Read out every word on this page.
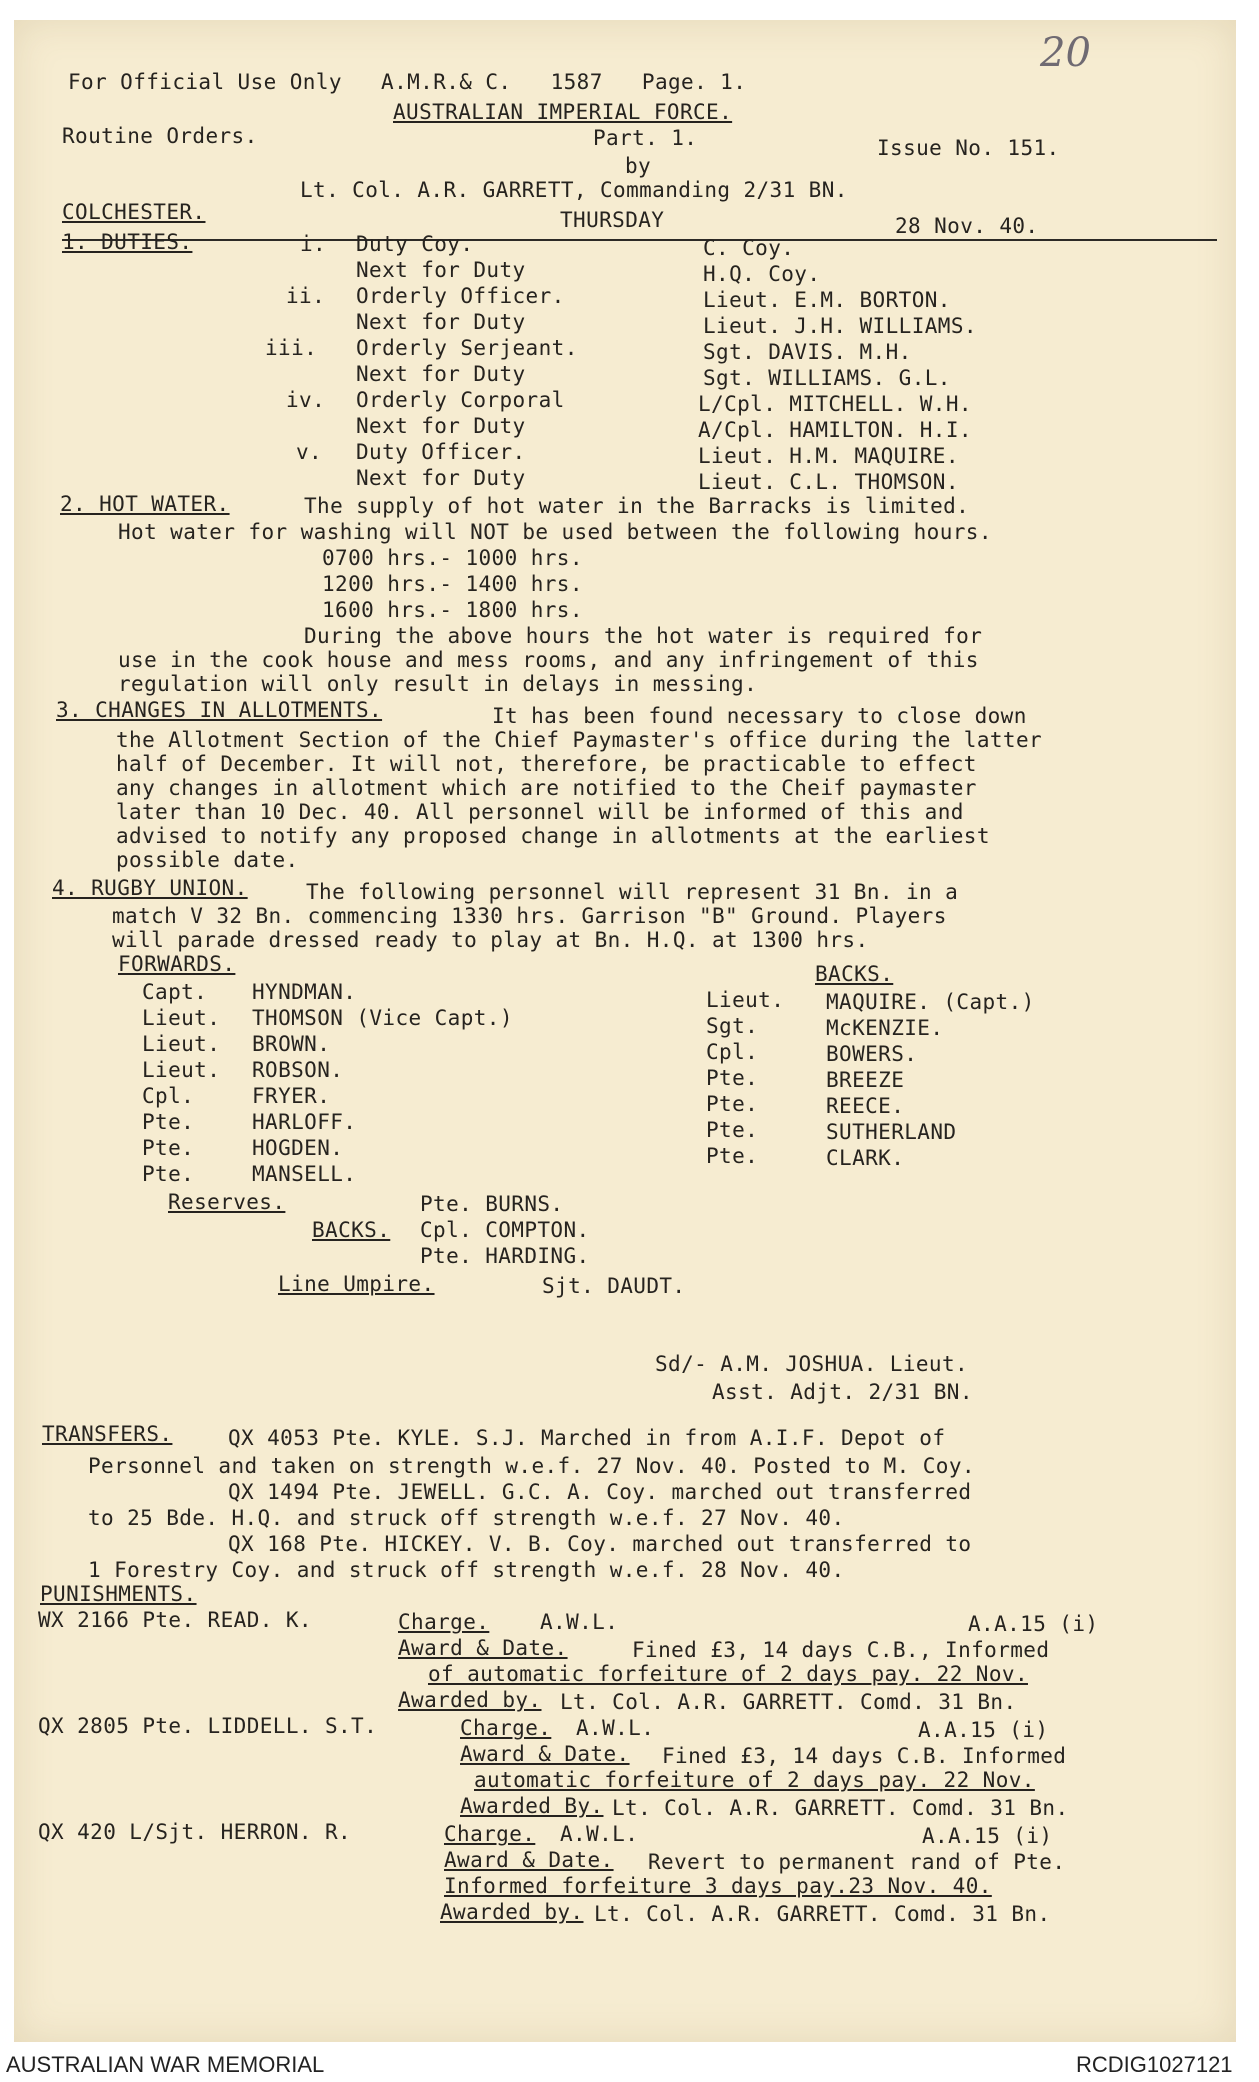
20
For Official Use Only   A.M.R.& C.   1587   Page. 1.
AUSTRALIAN IMPERIAL FORCE.
Routine Orders.	Part. 1.	Issue No. 151.
by
Lt. Col. A.R. GARRETT, Commanding 2/31 BN.
COLCHESTER.	THURSDAY	28 Nov. 40.
1. DUTIES.	i. Duty Coy.	C. Coy.
Next for Duty	H.Q. Coy.
ii. Orderly Officer.	Lieut. E.M. BORTON.
Next for Duty	Lieut. J.H. WILLIAMS.
iii. Orderly Serjeant.	Sgt. DAVIS. M.H.
Next for Duty	Sgt. WILLIAMS. G.L.
iv. Orderly Corporal	L/Cpl. MITCHELL. W.H.
Next for Duty	A/Cpl. HAMILTON. H.I.
v. Duty Officer.	Lieut. H.M. MAQUIRE.
Next for Duty	Lieut. C.L. THOMSON.
2. HOT WATER.	The supply of hot water in the Barracks is limited.
Hot water for washing will NOT be used between the following hours.
0700 hrs.- 1000 hrs.
1200 hrs.- 1400 hrs.
1600 hrs.- 1800 hrs.
During the above hours the hot water is required for
use in the cook house and mess rooms, and any infringement of this
regulation will only result in delays in messing.
3. CHANGES IN ALLOTMENTS.	It has been found necessary to close down
the Allotment Section of the Chief Paymaster's office during the latter
half of December. It will not, therefore, be practicable to effect
any changes in allotment which are notified to the Cheif paymaster
later than 10 Dec. 40. All personnel will be informed of this and
advised to notify any proposed change in allotments at the earliest
possible date.
4. RUGBY UNION.	The following personnel will represent 31 Bn. in a
match V 32 Bn. commencing 1330 hrs. Garrison "B" Ground. Players
will parade dressed ready to play at Bn. H.Q. at 1300 hrs.
FORWARDS.	BACKS.
Capt. HYNDMAN.
Lieut. THOMSON (Vice Capt.)
Lieut. BROWN.
Lieut. ROBSON.
Cpl.	FRYER.
Pte.	HARLOFF.
Pte.	HOGDEN.
Pte.	MANSELL.
Lieut. MAQUIRE. (Capt.)
Sgt.	McKENZIE.
Cpl.	BOWERS.
Pte.	BREEZE
Pte.	REECE.
Pte.	SUTHERLAND
Pte.	CLARK.
Reserves.	Pte. BURNS.
BACKS. Cpl. COMPTON.
Pte. HARDING.
Line Umpire.	Sjt. DAUDT.
Sd/- A.M. JOSHUA. Lieut.
Asst. Adjt. 2/31 BN.
TRANSFERS.	QX 4053 Pte. KYLE. S.J. Marched in from A.I.F. Depot of
Personnel and taken on strength w.e.f. 27 Nov. 40. Posted to M. Coy.
QX 1494 Pte. JEWELL. G.C. A. Coy. marched out transferred
to 25 Bde. H.Q. and struck off strength w.e.f. 27 Nov. 40.
QX 168 Pte. HICKEY. V. B. Coy. marched out transferred to
1 Forestry Coy. and struck off strength w.e.f. 28 Nov. 40.
PUNISHMENTS.
WX 2166 Pte. READ. K.	Charge. A.W.L.	A.A.15 (i)
Award & Date.	Fined £3, 14 days C.B., Informed
of automatic forfeiture of 2 days pay. 22 Nov.
Awarded by. Lt. Col. A.R. GARRETT. Comd. 31 Bn.
QX 2805 Pte. LIDDELL. S.T.	Charge. A.W.L.	A.A.15 (i)
Award & Date. Fined £3, 14 days C.B. Informed
automatic forfeiture of 2 days pay. 22 Nov.
Awarded By. Lt. Col. A.R. GARRETT. Comd. 31 Bn.
QX 420 L/Sjt. HERRON. R.	Charge. A.W.L.	A.A.15 (i)
Award & Date. Revert to permanent rand of Pte.
Informed forfeiture 3 days pay.23 Nov. 40.
Awarded by. Lt. Col. A.R. GARRETT. Comd. 31 Bn.
AUSTRALIAN WAR MEMORIAL	RCDIG1027121
